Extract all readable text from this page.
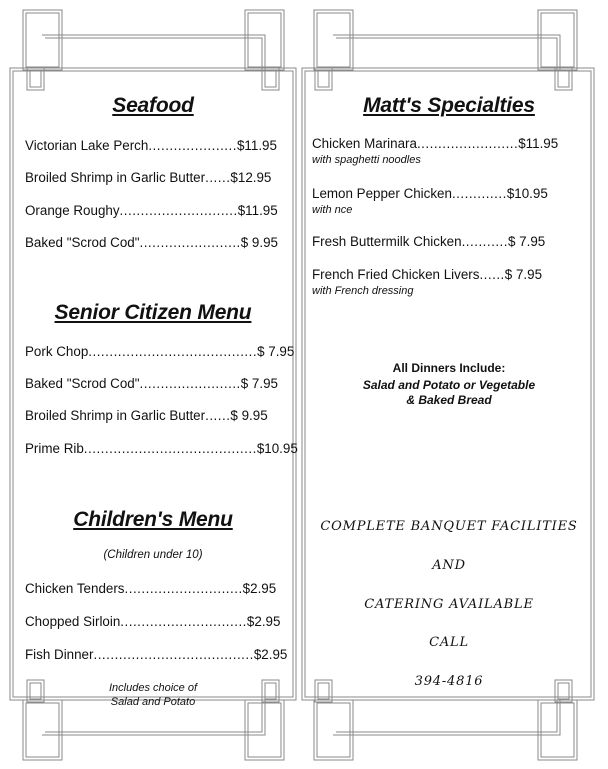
Seafood
Victorian Lake Perch.....................$11.95
Broiled Shrimp in Garlic Butter......$12.95
Orange Roughy............................$11.95
Baked "Scrod Cod"........................$ 9.95
Senior Citizen Menu
Pork Chop........................................$ 7.95
Baked "Scrod Cod"........................$ 7.95
Broiled Shrimp in Garlic Butter......$ 9.95
Prime Rib.........................................$10.95
Children's Menu
(Children under 10)
Chicken Tenders............................$2.95
Chopped Sirloin..............................$2.95
Fish Dinner......................................$2.95
Includes choice of
Salad and Potato
Matt's Specialties
Chicken Marinara........................$11.95
with spaghetti noodles
Lemon Pepper Chicken.............$10.95
with nce
Fresh Buttermilk Chicken...........$ 7.95
French Fried Chicken Livers......$ 7.95
with French dressing
All Dinners Include:
Salad and Potato or Vegetable
& Baked Bread
COMPLETE BANQUET FACILITIES
AND
CATERING AVAILABLE
CALL
394-4816
